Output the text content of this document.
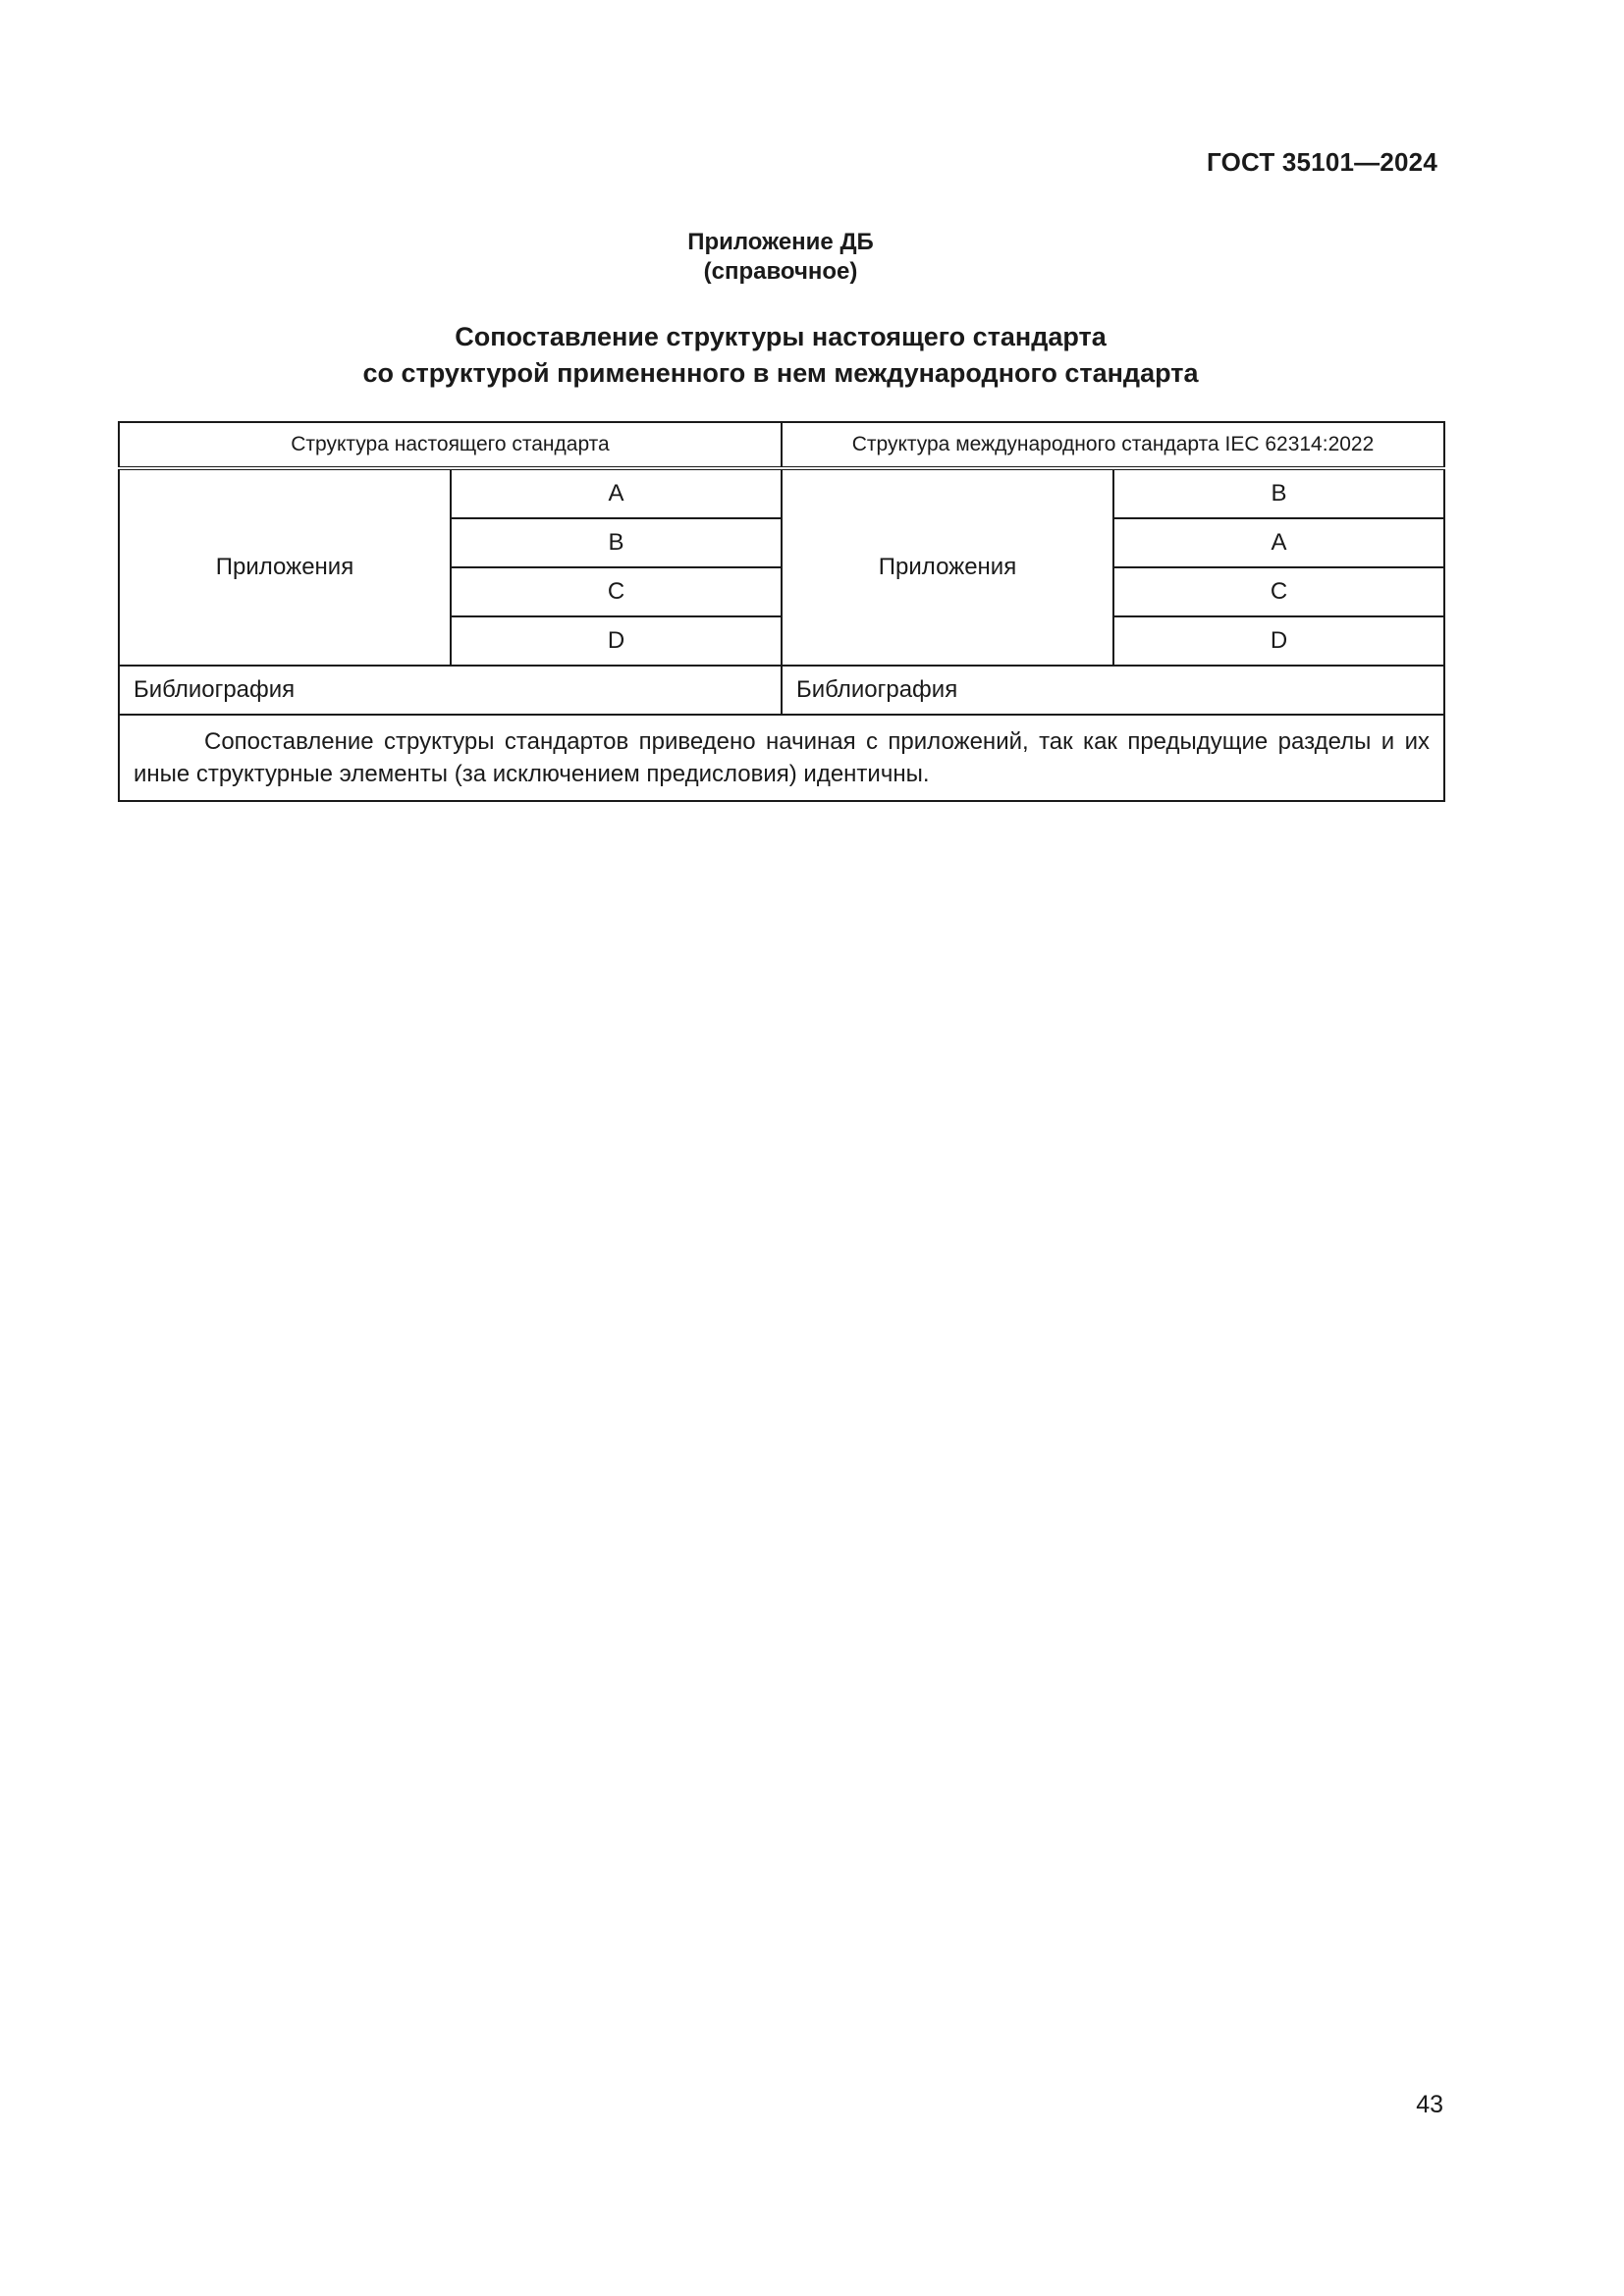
ГОСТ 35101—2024
Приложение ДБ
(справочное)
Сопоставление структуры настоящего стандарта
со структурой примененного в нем международного стандарта
Структура настоящего стандарта		Структура международного стандарта IEC 62314:2022	
Приложения	A	Приложения	B
	B		A
	C		C
	D		D
Библиография		Библиография	
Сопоставление структуры стандартов приведено начиная с приложений, так как предыдущие разделы и их иные структурные элементы (за исключением предисловия) идентичны.			
43
